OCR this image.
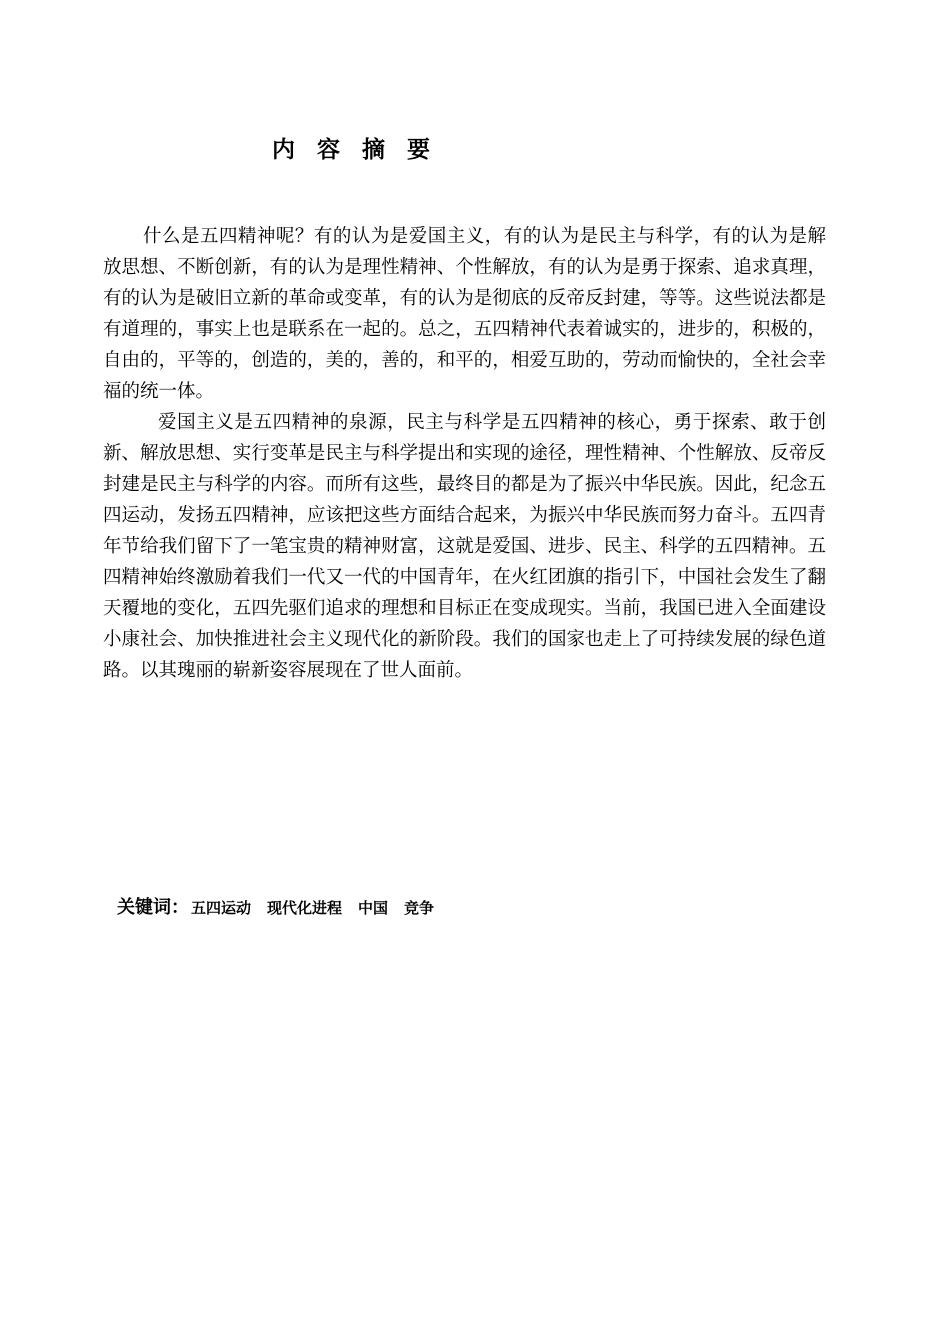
内 容 摘 要

什么是五四精神呢？有的认为是爱国主义，有的认为是民主与科学，有的认为是解放思想、不断创新，有的认为是理性精神、个性解放，有的认为是勇于探索、追求真理，有的认为是破旧立新的革命或变革，有的认为是彻底的反帝反封建，等等。这些说法都是有道理的，事实上也是联系在一起的。总之，五四精神代表着诚实的，进步的，积极的，自由的，平等的，创造的，美的，善的，和平的，相爱互助的，劳动而愉快的，全社会幸福的统一体。

爱国主义是五四精神的泉源，民主与科学是五四精神的核心，勇于探索、敢于创新、解放思想、实行变革是民主与科学提出和实现的途径，理性精神、个性解放、反帝反封建是民主与科学的内容。而所有这些，最终目的都是为了振兴中华民族。因此，纪念五四运动，发扬五四精神，应该把这些方面结合起来，为振兴中华民族而努力奋斗。五四青年节给我们留下了一笔宝贵的精神财富，这就是爱国、进步、民主、科学的五四精神。五四精神始终激励着我们一代又一代的中国青年，在火红团旗的指引下，中国社会发生了翻天覆地的变化，五四先驱们追求的理想和目标正在变成现实。当前，我国已进入全面建设小康社会、加快推进社会主义现代化的新阶段。我们的国家也走上了可持续发展的绿色道路。以其瑰丽的崭新姿容展现在了世人面前。

关键词： 五四运动 现代化进程 中国 竞争
